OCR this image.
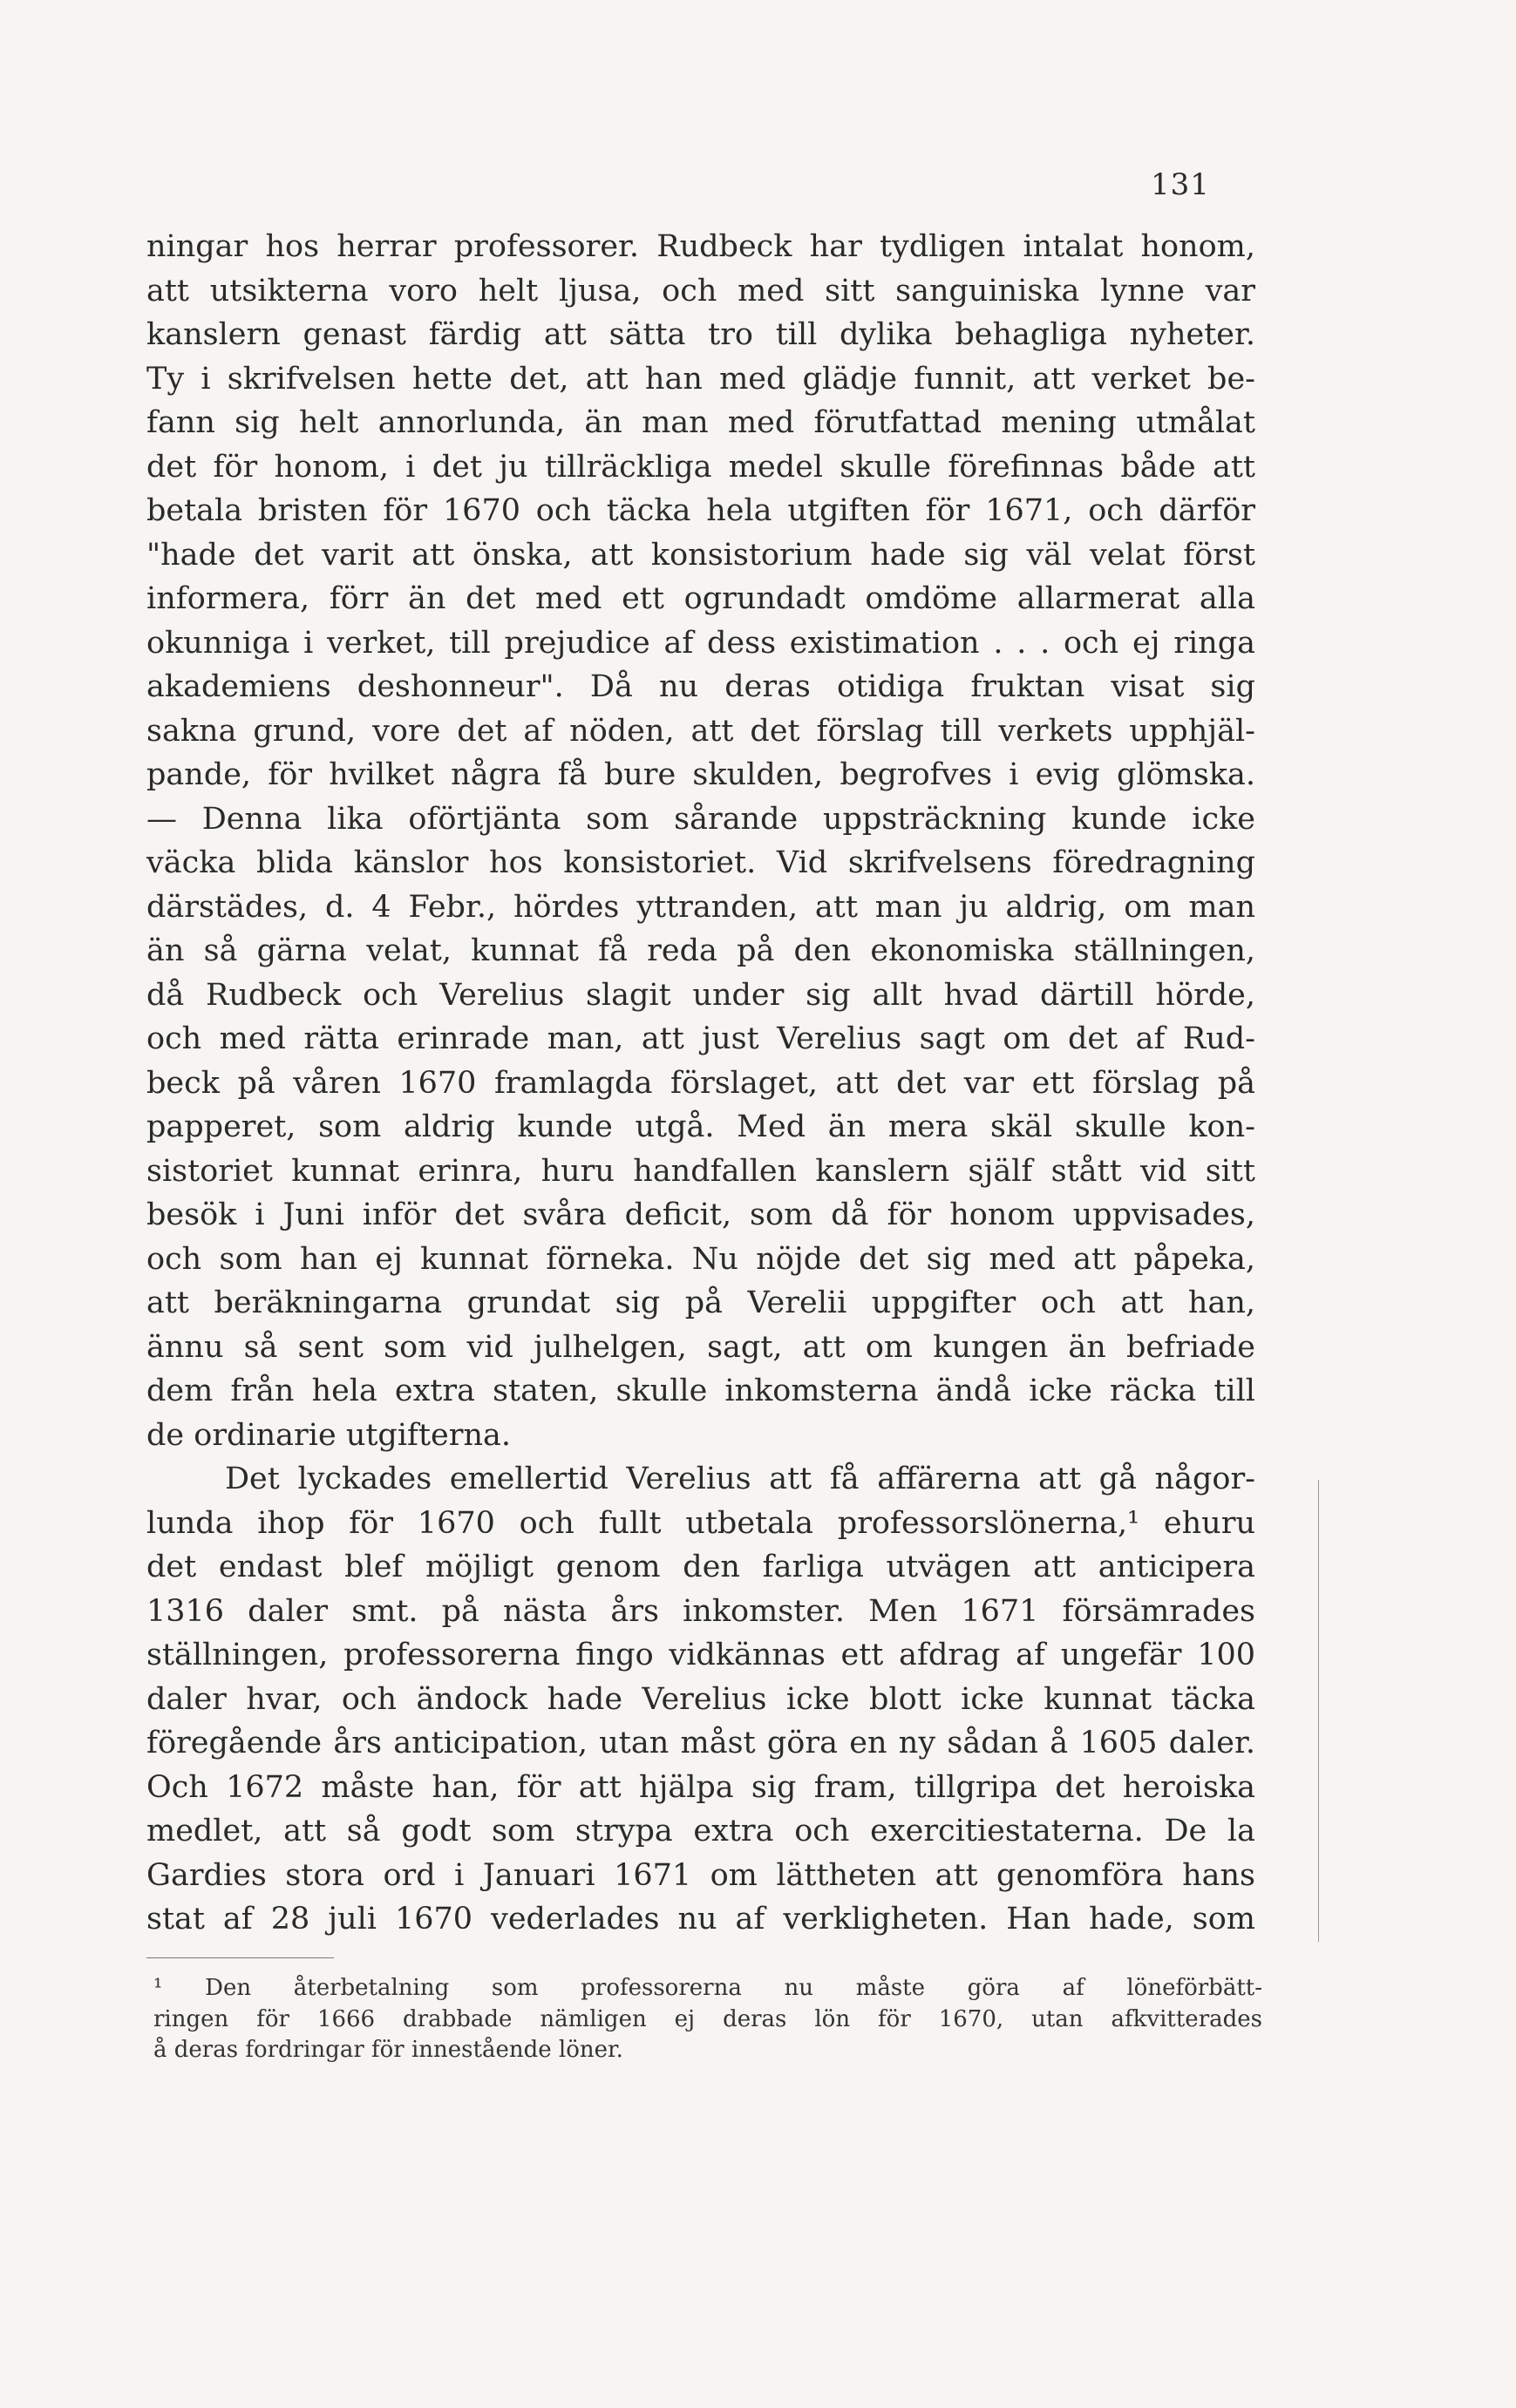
131
ningar hos herrar professorer. Rudbeck har tydligen intalat honom,
att utsikterna voro helt ljusa, och med sitt sanguiniska lynne var
kanslern genast färdig att sätta tro till dylika behagliga nyheter.
Ty i skrifvelsen hette det, att han med glädje funnit, att verket be-
fann sig helt annorlunda, än man med förutfattad mening utmålat
det för honom, i det ju tillräckliga medel skulle förefinnas både att
betala bristen för 1670 och täcka hela utgiften för 1671, och därför
"hade det varit att önska, att konsistorium hade sig väl velat först
informera, förr än det med ett ogrundadt omdöme allarmerat alla
okunniga i verket, till prejudice af dess existimation . . . och ej ringa
akademiens deshonneur". Då nu deras otidiga fruktan visat sig
sakna grund, vore det af nöden, att det förslag till verkets upphjäl-
pande, för hvilket några få bure skulden, begrofves i evig glömska.
— Denna lika oförtjänta som sårande uppsträckning kunde icke
väcka blida känslor hos konsistoriet. Vid skrifvelsens föredragning
därstädes, d. 4 Febr., hördes yttranden, att man ju aldrig, om man
än så gärna velat, kunnat få reda på den ekonomiska ställningen,
då Rudbeck och Verelius slagit under sig allt hvad därtill hörde,
och med rätta erinrade man, att just Verelius sagt om det af Rud-
beck på våren 1670 framlagda förslaget, att det var ett förslag på
papperet, som aldrig kunde utgå. Med än mera skäl skulle kon-
sistoriet kunnat erinra, huru handfallen kanslern själf stått vid sitt
besök i Juni inför det svåra deficit, som då för honom uppvisades,
och som han ej kunnat förneka. Nu nöjde det sig med att påpeka,
att beräkningarna grundat sig på Verelii uppgifter och att han,
ännu så sent som vid julhelgen, sagt, att om kungen än befriade
dem från hela extra staten, skulle inkomsterna ändå icke räcka till
de ordinarie utgifterna.
Det lyckades emellertid Verelius att få affärerna att gå någor-
lunda ihop för 1670 och fullt utbetala professorslönerna,¹ ehuru
det endast blef möjligt genom den farliga utvägen att anticipera
1316 daler smt. på nästa års inkomster. Men 1671 försämrades
ställningen, professorerna fingo vidkännas ett afdrag af ungefär 100
daler hvar, och ändock hade Verelius icke blott icke kunnat täcka
föregående års anticipation, utan måst göra en ny sådan å 1605 daler.
Och 1672 måste han, för att hjälpa sig fram, tillgripa det heroiska
medlet, att så godt som strypa extra och exercitiestaterna. De la
Gardies stora ord i Januari 1671 om lättheten att genomföra hans
stat af 28 juli 1670 vederlades nu af verkligheten. Han hade, som
¹ Den återbetalning som professorerna nu måste göra af löneförbätt-
ringen för 1666 drabbade nämligen ej deras lön för 1670, utan afkvitterades
å deras fordringar för innestående löner.
